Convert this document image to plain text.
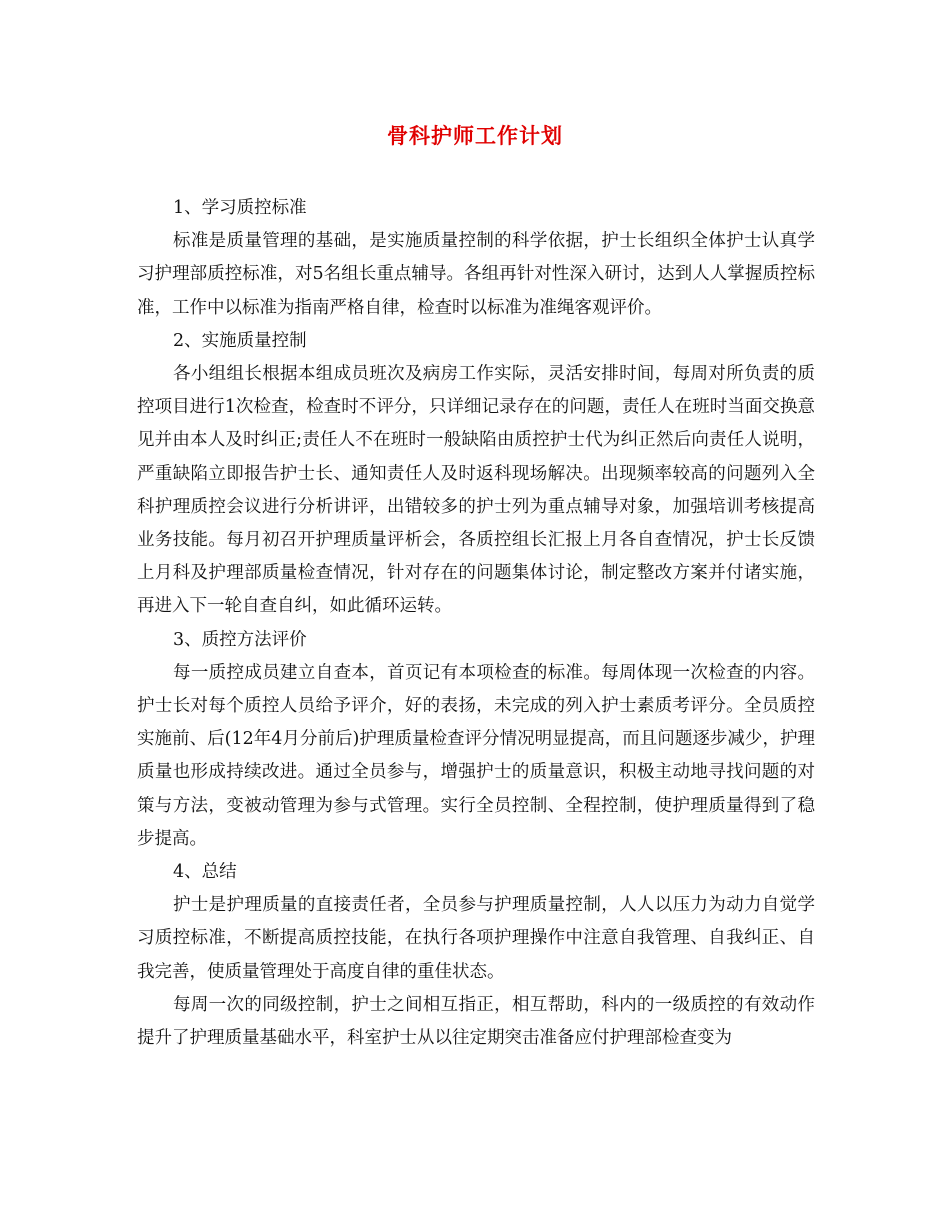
骨科护师工作计划

1、学习质控标准

标准是质量管理的基础，是实施质量控制的科学依据，护士长组织全体护士认真学习护理部质控标准，对5名组长重点辅导。各组再针对性深入研讨，达到人人掌握质控标准，工作中以标准为指南严格自律，检查时以标准为准绳客观评价。

2、实施质量控制

各小组组长根据本组成员班次及病房工作实际，灵活安排时间，每周对所负责的质控项目进行1次检查，检查时不评分，只详细记录存在的问题，责任人在班时当面交换意见并由本人及时纠正;责任人不在班时一般缺陷由质控护士代为纠正然后向责任人说明，严重缺陷立即报告护士长、通知责任人及时返科现场解决。出现频率较高的问题列入全科护理质控会议进行分析讲评，出错较多的护士列为重点辅导对象，加强培训考核提高业务技能。每月初召开护理质量评析会，各质控组长汇报上月各自查情况，护士长反馈上月科及护理部质量检查情况，针对存在的问题集体讨论，制定整改方案并付诸实施，再进入下一轮自查自纠，如此循环运转。

3、质控方法评价

每一质控成员建立自查本，首页记有本项检查的标准。每周体现一次检查的内容。护士长对每个质控人员给予评介，好的表扬，未完成的列入护士素质考评分。全员质控实施前、后(12年4月分前后)护理质量检查评分情况明显提高，而且问题逐步减少，护理质量也形成持续改进。通过全员参与，增强护士的质量意识，积极主动地寻找问题的对策与方法，变被动管理为参与式管理。实行全员控制、全程控制，使护理质量得到了稳步提高。

4、总结

护士是护理质量的直接责任者，全员参与护理质量控制，人人以压力为动力自觉学习质控标准，不断提高质控技能，在执行各项护理操作中注意自我管理、自我纠正、自我完善，使质量管理处于高度自律的重佳状态。

每周一次的同级控制，护士之间相互指正，相互帮助，科内的一级质控的有效动作提升了护理质量基础水平，科室护士从以往定期突击准备应付护理部检查变为
